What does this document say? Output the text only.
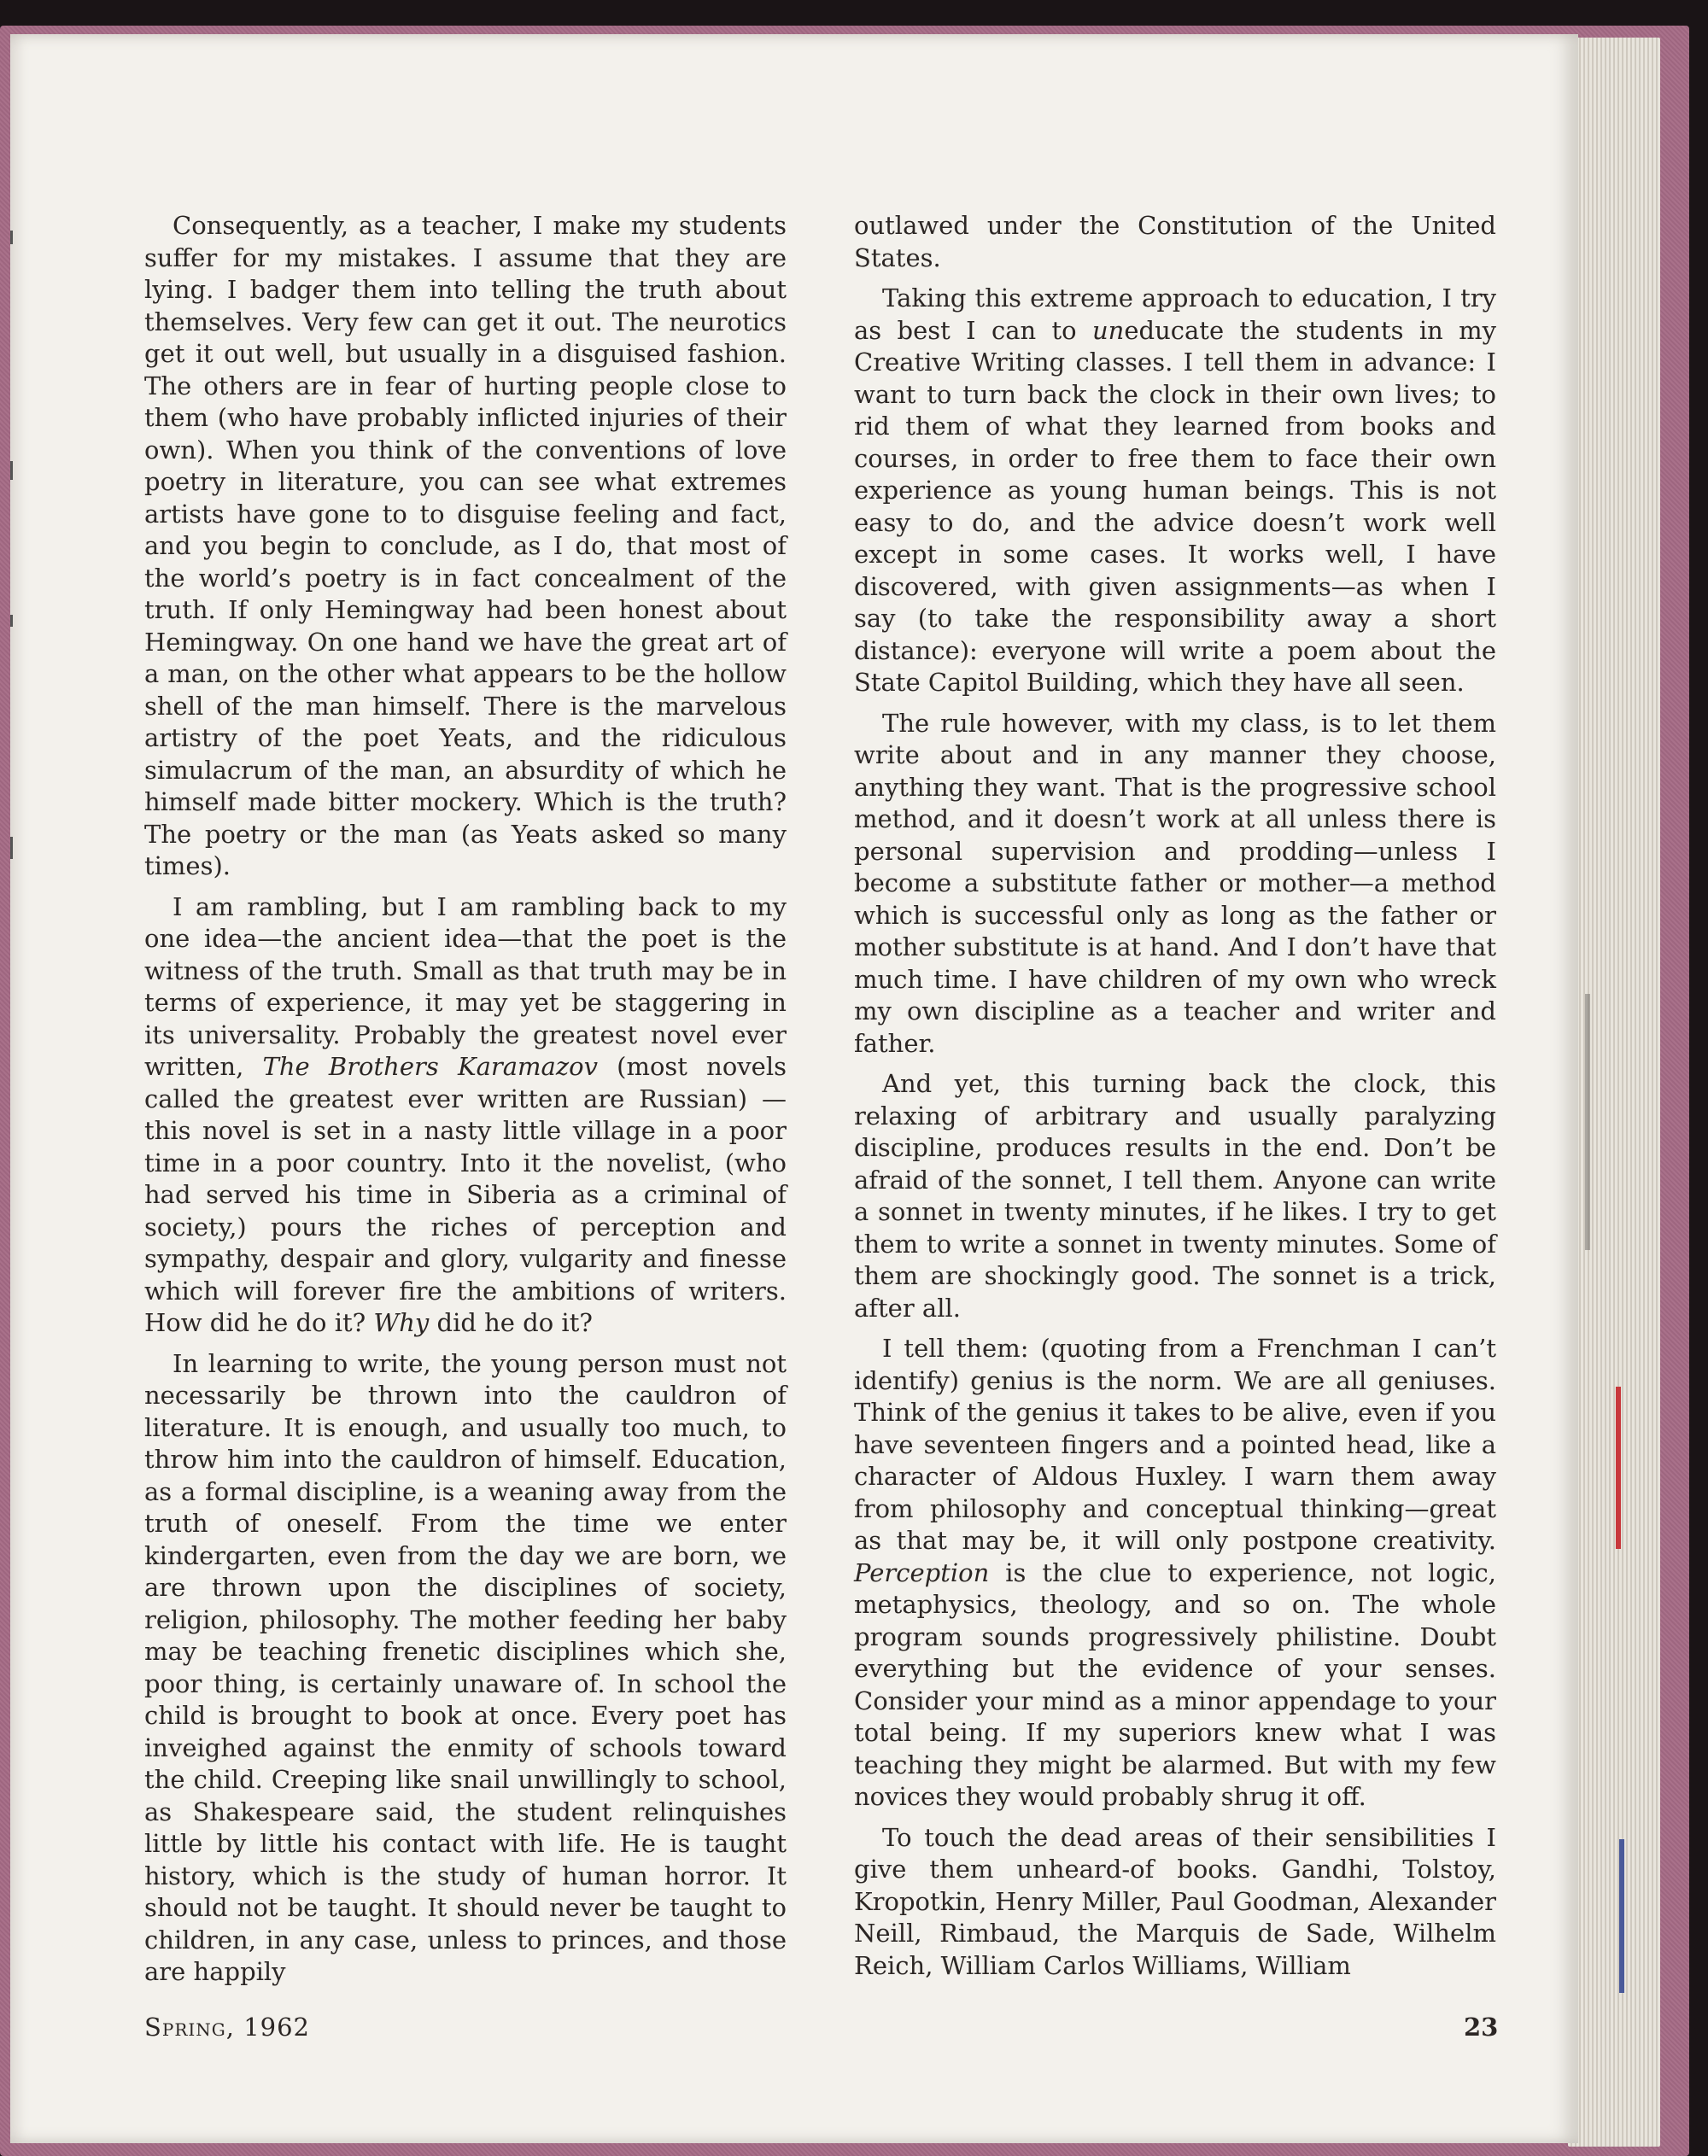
Consequently, as a teacher, I make my students suffer for my mistakes. I assume that they are lying. I badger them into telling the truth about themselves. Very few can get it out. The neurotics get it out well, but usually in a disguised fashion. The others are in fear of hurting people close to them (who have probably inflicted injuries of their own). When you think of the conventions of love poetry in literature, you can see what extremes artists have gone to to disguise feeling and fact, and you begin to conclude, as I do, that most of the world’s poetry is in fact concealment of the truth. If only Hemingway had been honest about Hemingway. On one hand we have the great art of a man, on the other what appears to be the hollow shell of the man himself. There is the marvelous artistry of the poet Yeats, and the ridiculous simulacrum of the man, an absurdity of which he himself made bitter mockery. Which is the truth? The poetry or the man (as Yeats asked so many times).

I am rambling, but I am rambling back to my one idea—the ancient idea—that the poet is the witness of the truth. Small as that truth may be in terms of experience, it may yet be staggering in its universality. Probably the greatest novel ever written, The Brothers Karamazov (most novels called the greatest ever written are Russian) —this novel is set in a nasty little village in a poor time in a poor country. Into it the novelist, (who had served his time in Siberia as a criminal of society,) pours the riches of perception and sympathy, despair and glory, vulgarity and finesse which will forever fire the ambitions of writers. How did he do it? Why did he do it?

In learning to write, the young person must not necessarily be thrown into the cauldron of literature. It is enough, and usually too much, to throw him into the cauldron of himself. Education, as a formal discipline, is a weaning away from the truth of oneself. From the time we enter kindergarten, even from the day we are born, we are thrown upon the disciplines of society, religion, philosophy. The mother feeding her baby may be teaching frenetic disciplines which she, poor thing, is certainly unaware of. In school the child is brought to book at once. Every poet has inveighed against the enmity of schools toward the child. Creeping like snail unwillingly to school, as Shakespeare said, the student relinquishes little by little his contact with life. He is taught history, which is the study of human horror. It should not be taught. It should never be taught to children, in any case, unless to princes, and those are happily

outlawed under the Constitution of the United States.

Taking this extreme approach to education, I try as best I can to uneducate the students in my Creative Writing classes. I tell them in advance: I want to turn back the clock in their own lives; to rid them of what they learned from books and courses, in order to free them to face their own experience as young human beings. This is not easy to do, and the advice doesn’t work well except in some cases. It works well, I have discovered, with given assignments—as when I say (to take the responsibility away a short distance): everyone will write a poem about the State Capitol Building, which they have all seen.

The rule however, with my class, is to let them write about and in any manner they choose, anything they want. That is the progressive school method, and it doesn’t work at all unless there is personal supervision and prodding—unless I become a substitute father or mother—a method which is successful only as long as the father or mother substitute is at hand. And I don’t have that much time. I have children of my own who wreck my own discipline as a teacher and writer and father.

And yet, this turning back the clock, this relaxing of arbitrary and usually paralyzing discipline, produces results in the end. Don’t be afraid of the sonnet, I tell them. Anyone can write a sonnet in twenty minutes, if he likes. I try to get them to write a sonnet in twenty minutes. Some of them are shockingly good. The sonnet is a trick, after all.

I tell them: (quoting from a Frenchman I can’t identify) genius is the norm. We are all geniuses. Think of the genius it takes to be alive, even if you have seventeen fingers and a pointed head, like a character of Aldous Huxley. I warn them away from philosophy and conceptual thinking—great as that may be, it will only postpone creativity. Perception is the clue to experience, not logic, metaphysics, theology, and so on. The whole program sounds progressively philistine. Doubt everything but the evidence of your senses. Consider your mind as a minor appendage to your total being. If my superiors knew what I was teaching they might be alarmed. But with my few novices they would probably shrug it off.

To touch the dead areas of their sensibilities I give them unheard-of books. Gandhi, Tolstoy, Kropotkin, Henry Miller, Paul Goodman, Alexander Neill, Rimbaud, the Marquis de Sade, Wilhelm Reich, William Carlos Williams, William

Spring, 1962	23
